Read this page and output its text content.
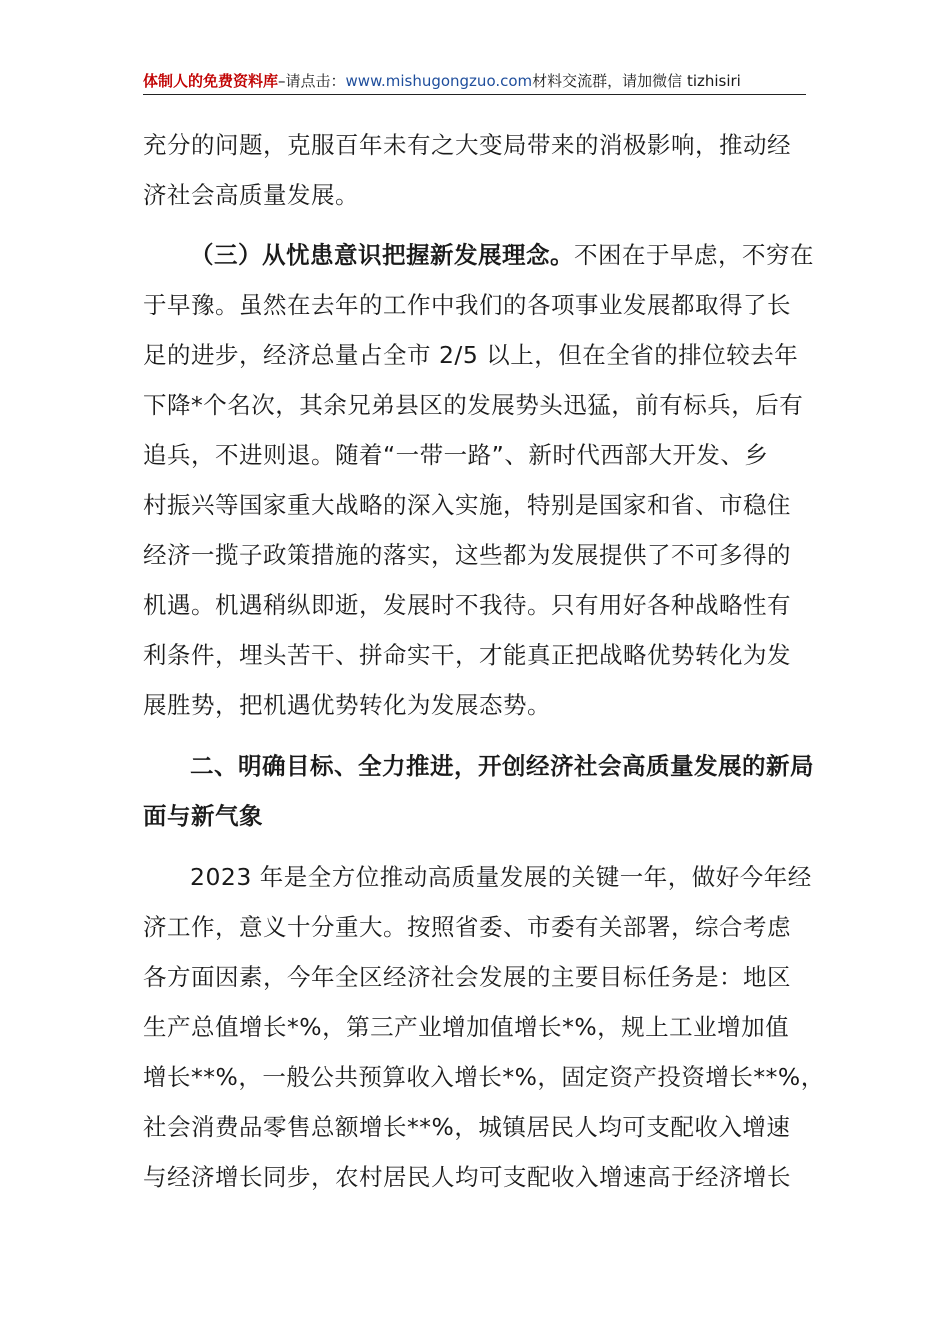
体制人的免费资料库–请点击：www.mishugongzuo.com材料交流群，请加微信 tizhisiri
充分的问题，克服百年未有之大变局带来的消极影响，推动经
济社会高质量发展。
（三）从忧患意识把握新发展理念。不困在于早虑，不穷在
于早豫。虽然在去年的工作中我们的各项事业发展都取得了长
足的进步，经济总量占全市 2/5 以上，但在全省的排位较去年
下降*个名次，其余兄弟县区的发展势头迅猛，前有标兵，后有
追兵，不进则退。随着“一带一路”、新时代西部大开发、乡
村振兴等国家重大战略的深入实施，特别是国家和省、市稳住
经济一揽子政策措施的落实，这些都为发展提供了不可多得的
机遇。机遇稍纵即逝，发展时不我待。只有用好各种战略性有
利条件，埋头苦干、拼命实干，才能真正把战略优势转化为发
展胜势，把机遇优势转化为发展态势。
二、明确目标、全力推进，开创经济社会高质量发展的新局
面与新气象
2023 年是全方位推动高质量发展的关键一年，做好今年经
济工作，意义十分重大。按照省委、市委有关部署，综合考虑
各方面因素，今年全区经济社会发展的主要目标任务是：地区
生产总值增长*%，第三产业增加值增长*%，规上工业增加值
增长**%，一般公共预算收入增长*%，固定资产投资增长**%，
社会消费品零售总额增长**%，城镇居民人均可支配收入增速
与经济增长同步，农村居民人均可支配收入增速高于经济增长
